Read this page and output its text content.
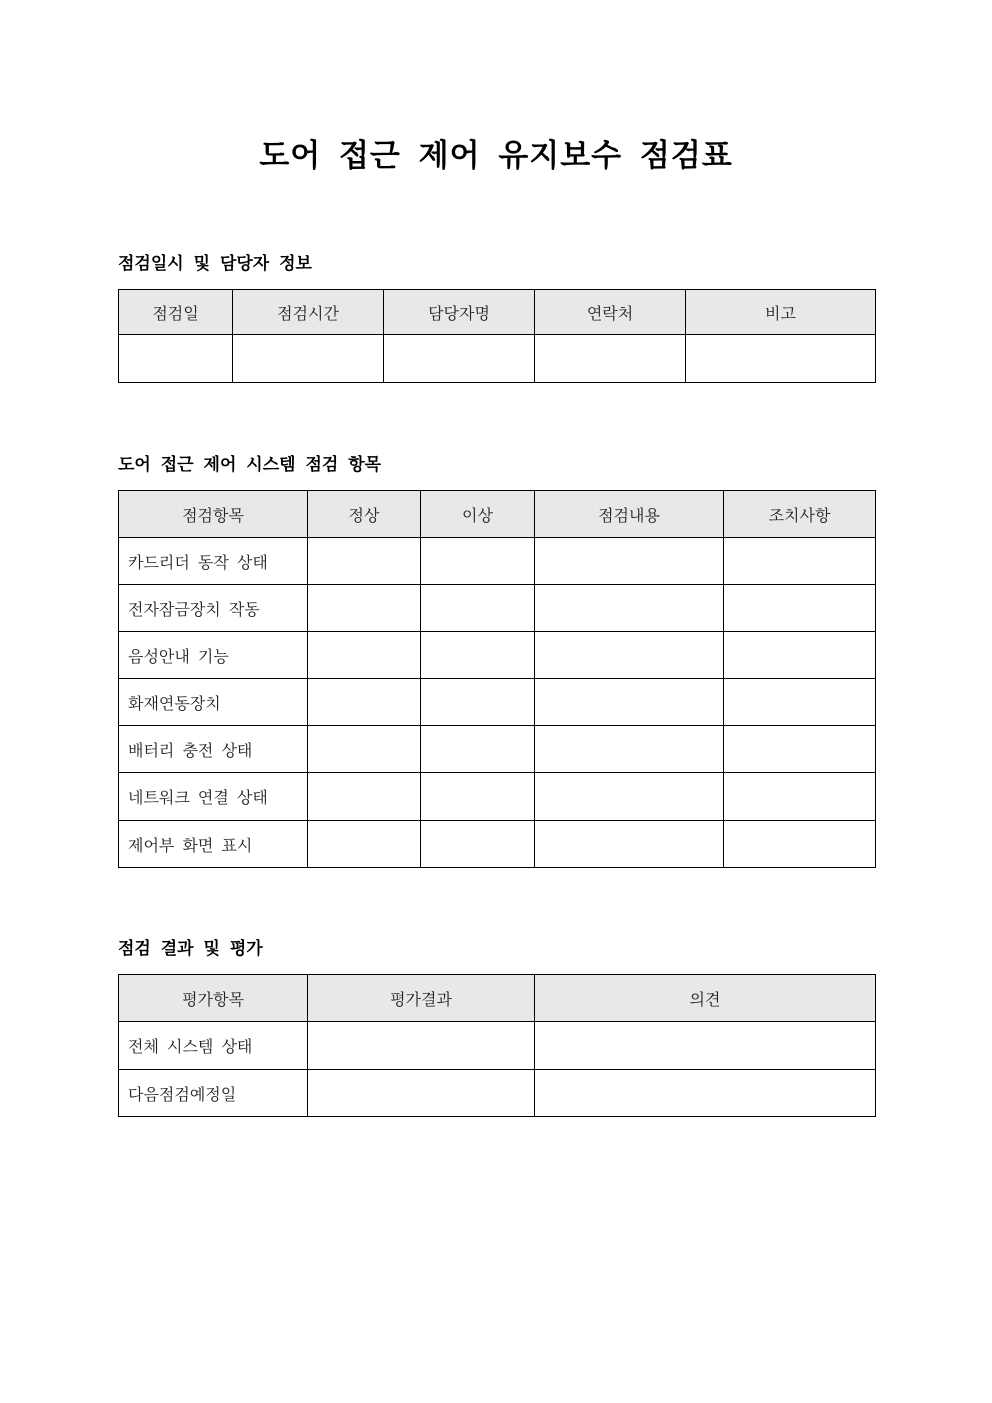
도어 접근 제어 유지보수 점검표
점검일시 및 담당자 정보
점검일	점검시간	담당자명	연락처	비고

도어 접근 제어 시스템 점검 항목
점검항목	정상	이상	점검내용	조치사항
카드리더 동작 상태				
전자잠금장치 작동				
음성안내 기능				
화재연동장치				
배터리 충전 상태				
네트워크 연결 상태				
제어부 화면 표시				
점검 결과 및 평가
평가항목	평가결과	의견
전체 시스템 상태		
다음점검예정일		
